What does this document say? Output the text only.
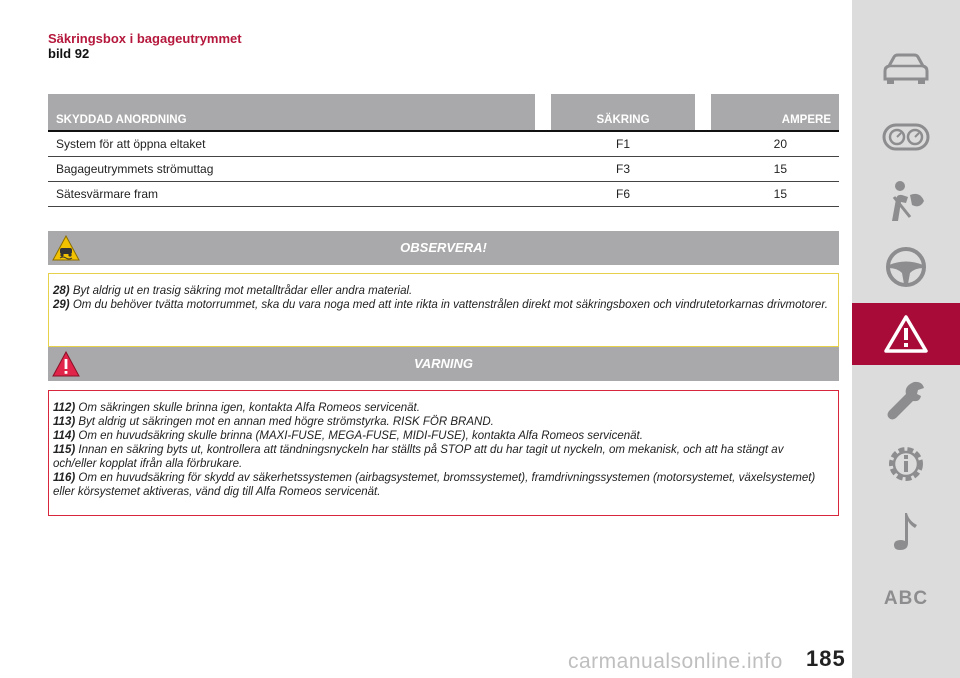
Säkringsbox i bagageutrymmet
bild 92
SKYDDAD ANORDNING		SÄKRING		AMPERE
System för att öppna eltaket		F1		20
Bagageutrymmets strömuttag		F3		15
Sätesvärmare fram		F6		15
OBSERVERA!
28) Byt aldrig ut en trasig säkring mot metalltrådar eller andra material.
29) Om du behöver tvätta motorrummet, ska du vara noga med att inte rikta in vattenstrålen direkt mot säkringsboxen och vindrutetorkarnas drivmotorer.
VARNING
112) Om säkringen skulle brinna igen, kontakta Alfa Romeos servicenät.
113) Byt aldrig ut säkringen mot en annan med högre strömstyrka. RISK FÖR BRAND.
114) Om en huvudsäkring skulle brinna (MAXI-FUSE, MEGA-FUSE, MIDI-FUSE), kontakta Alfa Romeos servicenät.
115) Innan en säkring byts ut, kontrollera att tändningsnyckeln har ställts på STOP att du har tagit ut nyckeln, om mekanisk, och att ha stängt av och/eller kopplat ifrån alla förbrukare.
116) Om en huvudsäkring för skydd av säkerhetssystemen (airbagsystemet, bromssystemet), framdrivningssystemen (motorsystemet, växelsystemet) eller körsystemet aktiveras, vänd dig till Alfa Romeos servicenät.
ABC
carmanualsonline.info 185
